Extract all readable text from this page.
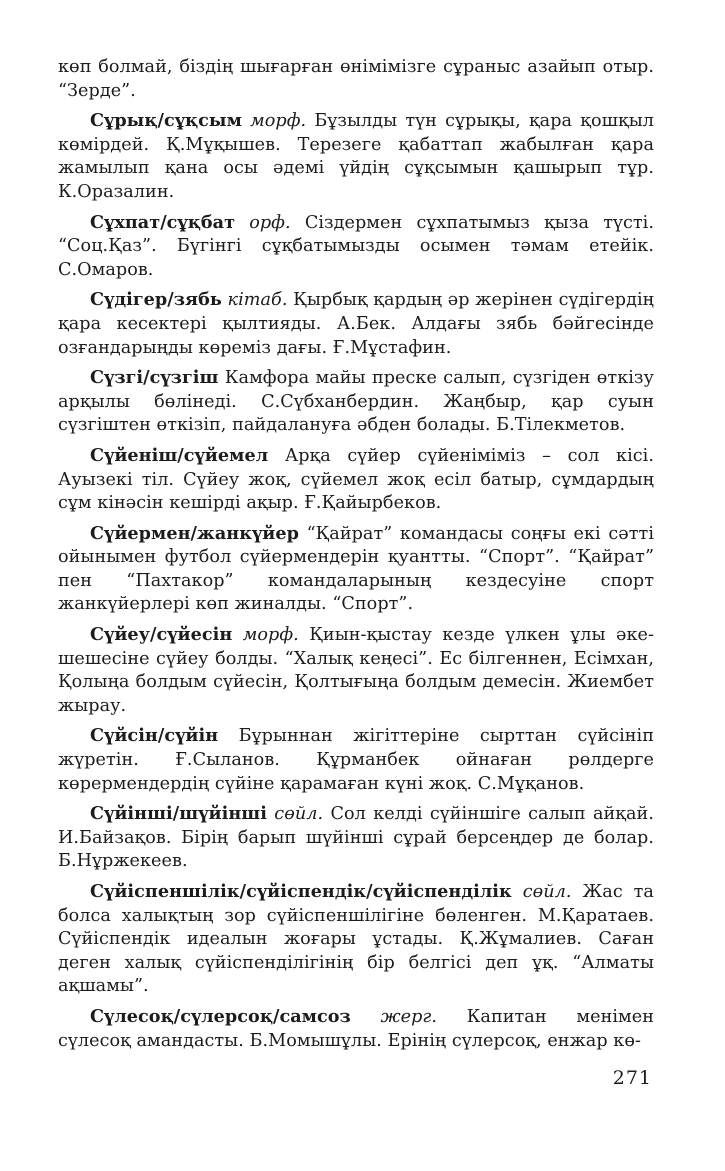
көп болмай, біздің шығарған өнімімізге сұраныс азайып отыр. “Зерде”.

Сұрық/сұқсым морф. Бұзылды түн сұрықы, қара қошқыл көмірдей. Қ.Мұқышев. Терезеге қабаттап жабылған қара жамылып қана осы әдемі үйдің сұқсымын қашырып тұр. К.Оразалин.

Сұхпат/сұқбат орф. Сіздермен сұхпатымыз қыза түсті. “Соц.Қаз”. Бүгінгі сұқбатымызды осымен тәмам етейік. С.Омаров.

Сүдігер/зябь кітаб. Қырбық қардың әр жерінен сүдігердің қара кесектері қылтияды. А.Бек. Алдағы зябь бәйгесінде озғандарыңды көреміз дағы. Ғ.Мұстафин.

Сүзгі/сүзгіш Камфора майы преске салып, сүзгіден өткізу арқылы бөлінеді. С.Сүбханбердин. Жаңбыр, қар суын сүзгіштен өткізіп, пайдалануға әбден болады. Б.Тілекметов.

Сүйеніш/сүйемел Арқа сүйер сүйеніміміз – сол кісі. Ауызекі тіл. Сүйеу жоқ, сүйемел жоқ есіл батыр, сұмдардың сұм кінәсін кешірді ақыр. Ғ.Қайырбеков.

Сүйермен/жанкүйер “Қайрат” командасы соңғы екі сәтті ойынымен футбол сүйермендерін қуантты. “Спорт”. “Қайрат” пен “Пахтакор” командаларының кездесуіне спорт жанкүйерлері көп жиналды. “Спорт”.

Сүйеу/сүйесін морф. Қиын-қыстау кезде үлкен ұлы әке-шешесіне сүйеу болды. “Халық кеңесі”. Ес білгеннен, Есімхан, Қолыңа болдым сүйесін, Қолтығыңа болдым демесін. Жиембет жырау.

Сүйсін/сүйін Бұрыннан жігіттеріне сырттан сүйсініп жүретін. Ғ.Сыланов. Құрманбек ойнаған рөлдерге көрермендердің сүйіне қарамаған күні жоқ. С.Мұқанов.

Сүйінші/шүйінші сөйл. Сол келді сүйіншіге салып айқай. И.Байзақов. Бірің барып шүйінші сұрай берсеңдер де болар. Б.Нұржекеев.

Сүйіспеншілік/сүйіспендік/сүйіспенділік сөйл. Жас та болса халықтың зор сүйіспеншілігіне бөленген. М.Қаратаев. Сүйіспендік идеалын жоғары ұстады. Қ.Жұмалиев. Саған деген халық сүйіспенділігінің бір белгісі деп ұқ. “Алматы ақшамы”.

Сүлесоқ/сүлерсоқ/самсоз жерг. Капитан менімен сүлесоқ амандасты. Б.Момышұлы. Ерінің сүлерсоқ, енжар кө-

271
